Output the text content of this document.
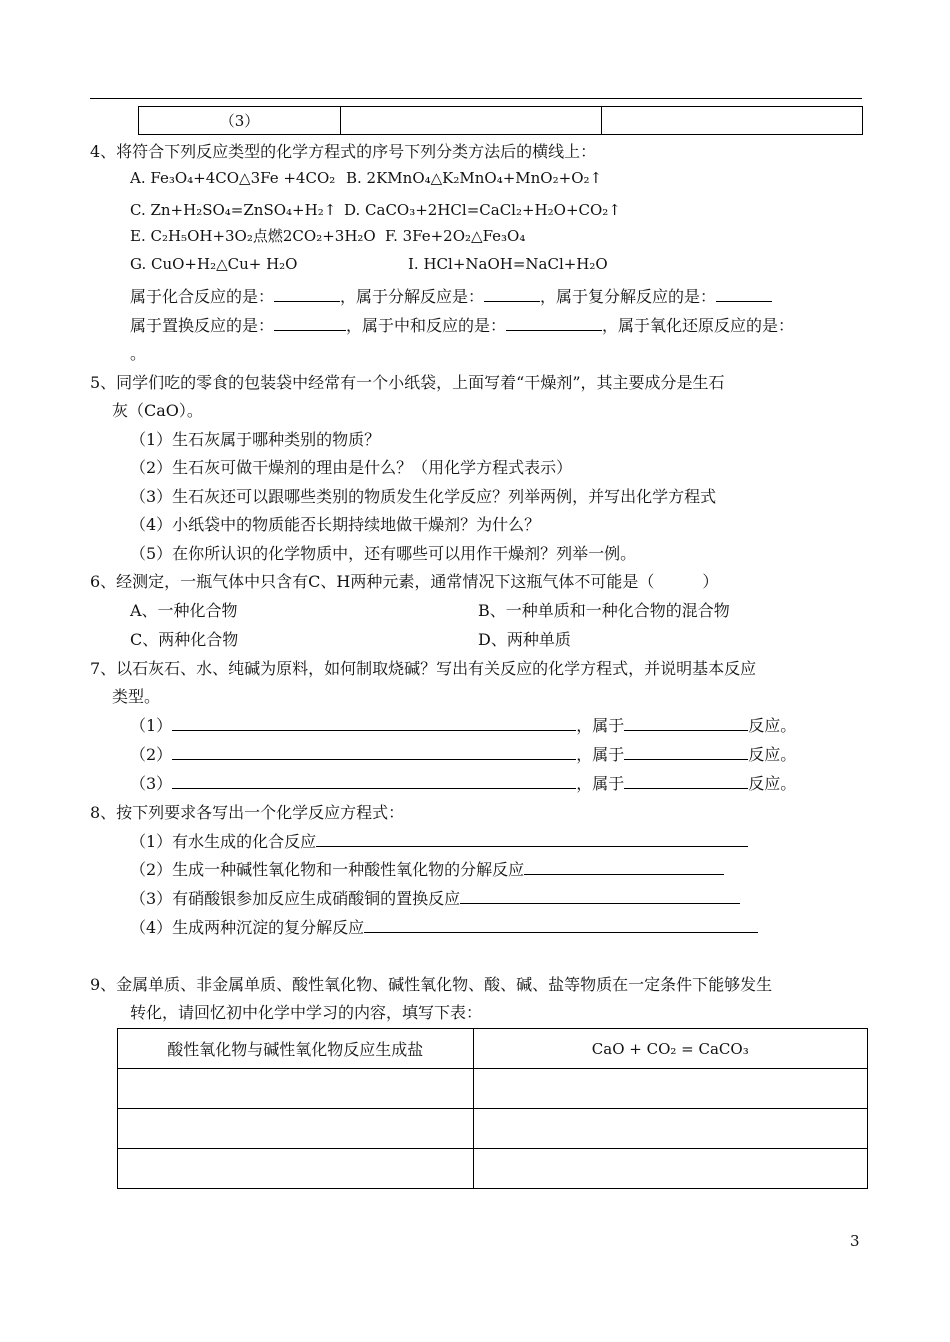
（3）		
4、将符合下列反应类型的化学方程式的序号下列分类方法后的横线上：
A. Fe₃O₄+4CO△3Fe +4CO₂ B. 2KMnO₄△K₂MnO₄+MnO₂+O₂↑
C. Zn+H₂SO₄=ZnSO₄+H₂↑ D. CaCO₃+2HCl=CaCl₂+H₂O+CO₂↑
E. C₂H₅OH+3O₂点燃2CO₂+3H₂O F. 3Fe+2O₂△Fe₃O₄
G. CuO+H₂△Cu+ H₂O	I. HCl+NaOH=NaCl+H₂O
属于化合反应的是：	，属于分解反应是：	，属于复分解反应的是：
属于置换反应的是：	，属于中和反应的是：	，属于氧化还原反应的是：
。
5、同学们吃的零食的包装袋中经常有一个小纸袋，上面写着“干燥剂”，其主要成分是生石
灰（CaO）。
（1）生石灰属于哪种类别的物质？
（2）生石灰可做干燥剂的理由是什么？（用化学方程式表示）
（3）生石灰还可以跟哪些类别的物质发生化学反应？列举两例，并写出化学方程式
（4）小纸袋中的物质能否长期持续地做干燥剂？为什么？
（5）在你所认识的化学物质中，还有哪些可以用作干燥剂？列举一例。
6、经测定，一瓶气体中只含有C、H两种元素，通常情况下这瓶气体不可能是（　　　）
A、一种化合物	B、一种单质和一种化合物的混合物
C、两种化合物	D、两种单质
7、以石灰石、水、纯碱为原料，如何制取烧碱？写出有关反应的化学方程式，并说明基本反应
类型。
（1）	，属于	反应。
（2）	，属于	反应。
（3）	，属于	反应。
8、按下列要求各写出一个化学反应方程式：
（1）有水生成的化合反应
（2）生成一种碱性氧化物和一种酸性氧化物的分解反应
（3）有硝酸银参加反应生成硝酸铜的置换反应
（4）生成两种沉淀的复分解反应
9、金属单质、非金属单质、酸性氧化物、碱性氧化物、酸、碱、盐等物质在一定条件下能够发生
转化，请回忆初中化学中学习的内容，填写下表：
酸性氧化物与碱性氧化物反应生成盐	CaO + CO₂ = CaCO₃

3
